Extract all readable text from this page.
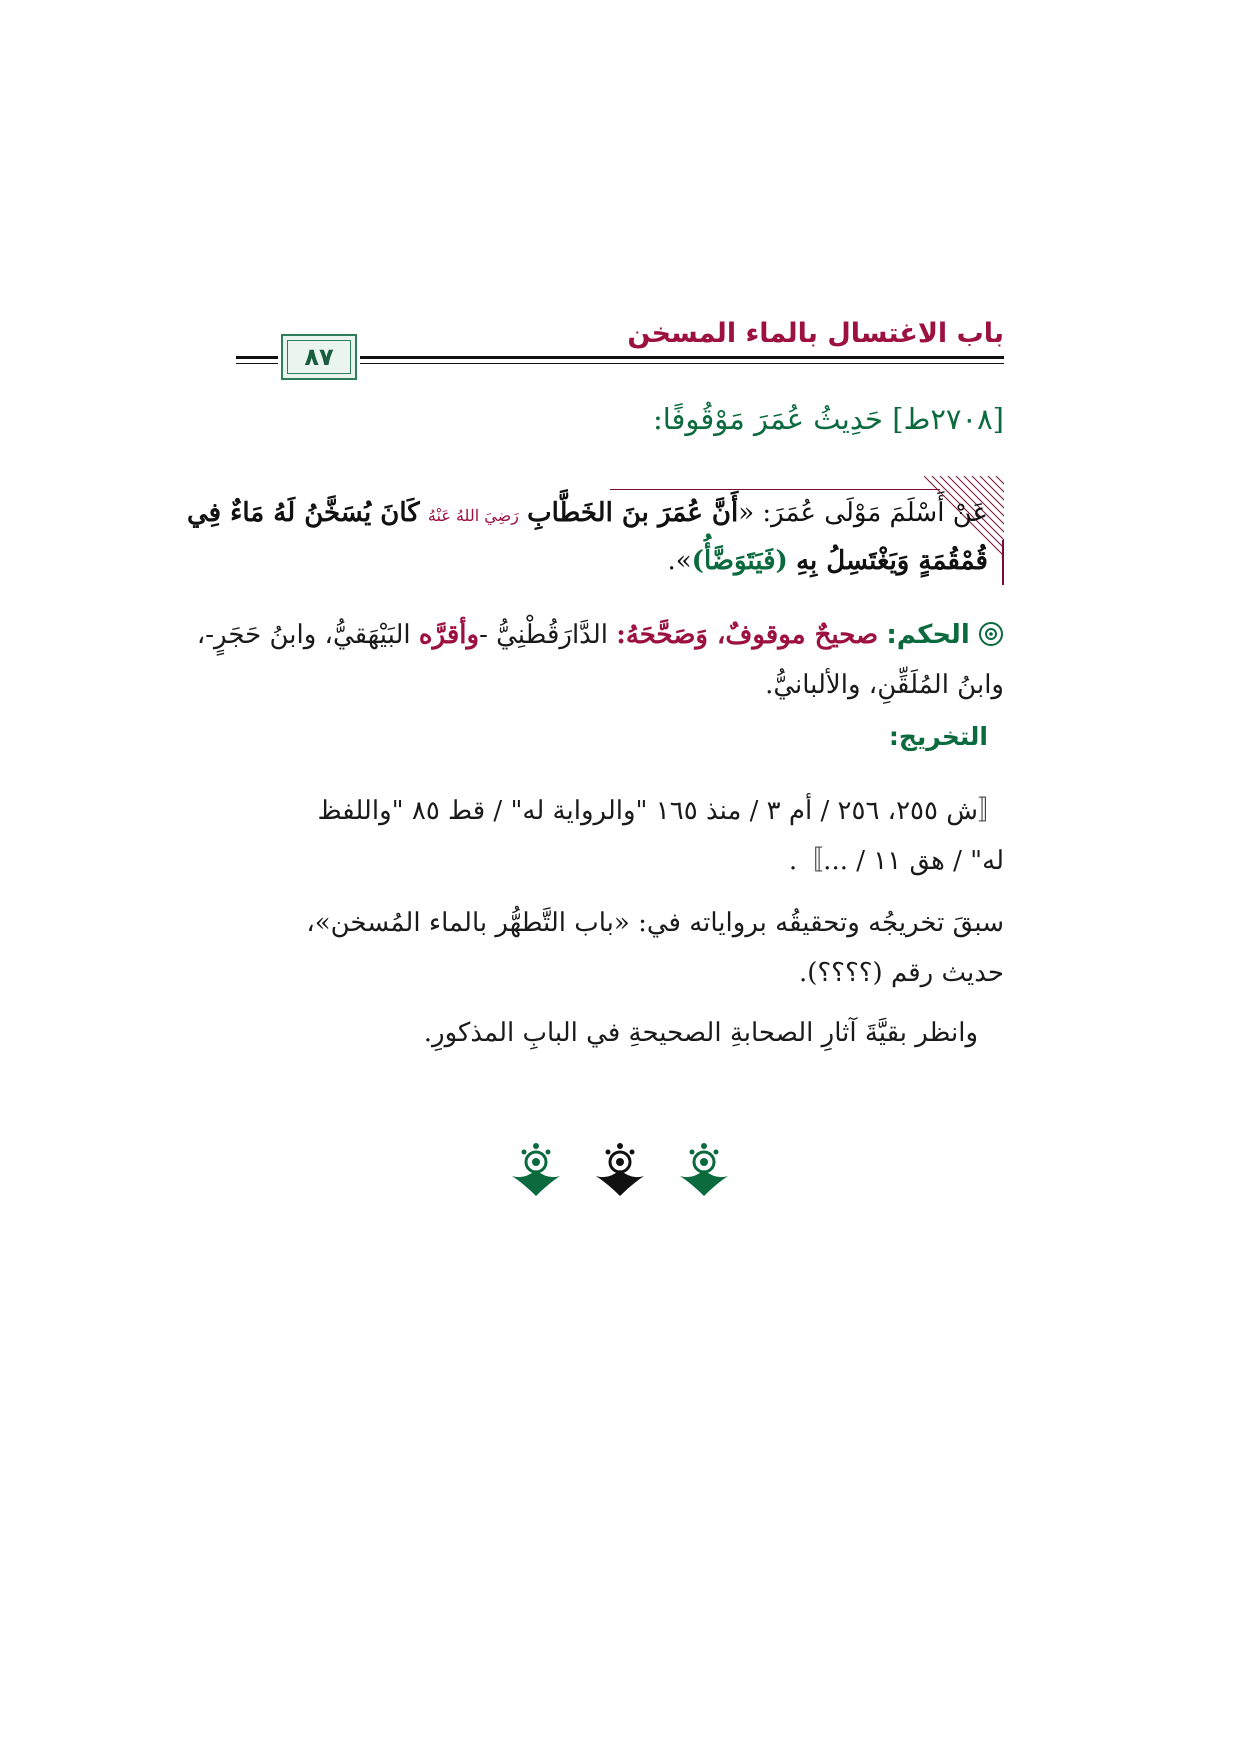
باب الاغتسال بالماء المسخن
٨٧
[٢٧٠٨ط] حَدِيثُ عُمَرَ مَوْقُوفًا:
عَنْ أَسْلَمَ مَوْلَى عُمَرَ: «أَنَّ عُمَرَ بنَ الخَطَّابِ رَضِيَ اللهُ عَنْهُ كَانَ يُسَخَّنُ لَهُ مَاءٌ فِي
قُمْقُمَةٍ وَيَغْتَسِلُ بِهِ (فَيَتَوَضَّأُ)».
الحكم: صحيحٌ موقوفٌ، وَصَحَّحَهُ: الدَّارَقُطْنِيُّ -وأقرَّه البَيْهَقيُّ، وابنُ حَجَرٍ-،
وابنُ المُلَقِّنِ، والألبانيُّ.
التخريج:
〚ش ٢٥٥، ٢٥٦ / أم ٣ / منذ ١٦٥ "والرواية له" / قط ٨٥ "واللفظ
له" / هق ١١ / ...〛.
سبقَ تخريجُه وتحقيقُه برواياته في: «باب التَّطهُّر بالماء المُسخن»،
حديث رقم (؟؟؟؟).
وانظر بقيَّةَ آثارِ الصحابةِ الصحيحةِ في البابِ المذكورِ.
